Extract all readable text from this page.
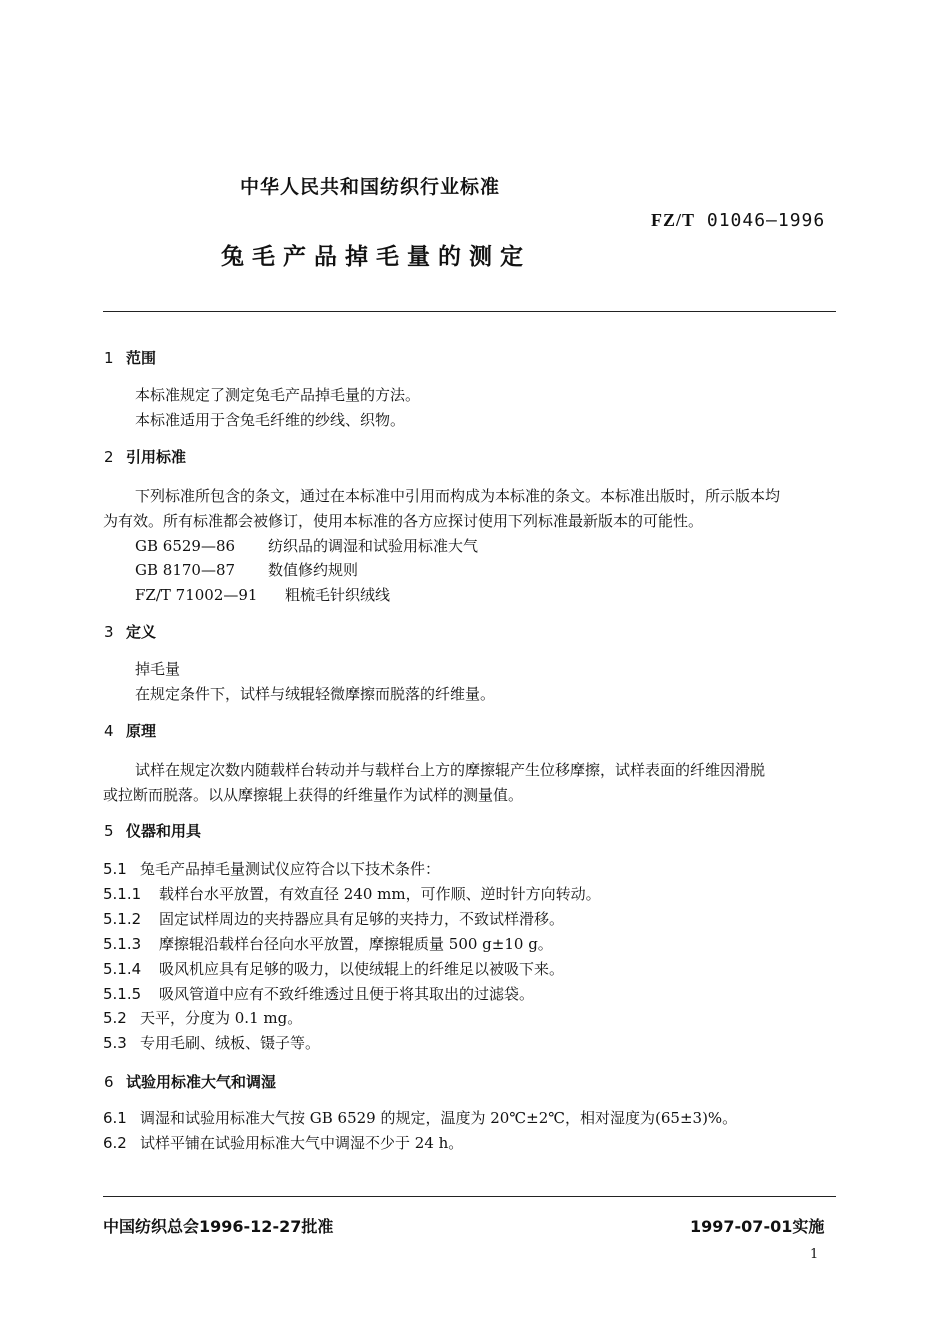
中华人民共和国纺织行业标准
FZ/T 01046—1996
兔毛产品掉毛量的测定
1 范围
本标准规定了测定兔毛产品掉毛量的方法。
本标准适用于含兔毛纤维的纱线、织物。
2 引用标准
下列标准所包含的条文，通过在本标准中引用而构成为本标准的条文。本标准出版时，所示版本均
为有效。所有标准都会被修订，使用本标准的各方应探讨使用下列标准最新版本的可能性。
GB 6529—86 纺织品的调湿和试验用标准大气
GB 8170—87 数值修约规则
FZ/T 71002—91 粗梳毛针织绒线
3 定义
掉毛量
在规定条件下，试样与绒辊轻微摩擦而脱落的纤维量。
4 原理
试样在规定次数内随载样台转动并与载样台上方的摩擦辊产生位移摩擦，试样表面的纤维因滑脱
或拉断而脱落。以从摩擦辊上获得的纤维量作为试样的测量值。
5 仪器和用具
5.1 兔毛产品掉毛量测试仪应符合以下技术条件：
5.1.1 载样台水平放置，有效直径 240 mm，可作顺、逆时针方向转动。
5.1.2 固定试样周边的夹持器应具有足够的夹持力，不致试样滑移。
5.1.3 摩擦辊沿载样台径向水平放置，摩擦辊质量 500 g±10 g。
5.1.4 吸风机应具有足够的吸力，以使绒辊上的纤维足以被吸下来。
5.1.5 吸风管道中应有不致纤维透过且便于将其取出的过滤袋。
5.2 天平，分度为 0.1 mg。
5.3 专用毛刷、绒板、镊子等。
6 试验用标准大气和调湿
6.1 调湿和试验用标准大气按 GB 6529 的规定，温度为 20℃±2℃，相对湿度为(65±3)%。
6.2 试样平铺在试验用标准大气中调湿不少于 24 h。
中国纺织总会1996-12-27批准	1997-07-01实施
1
